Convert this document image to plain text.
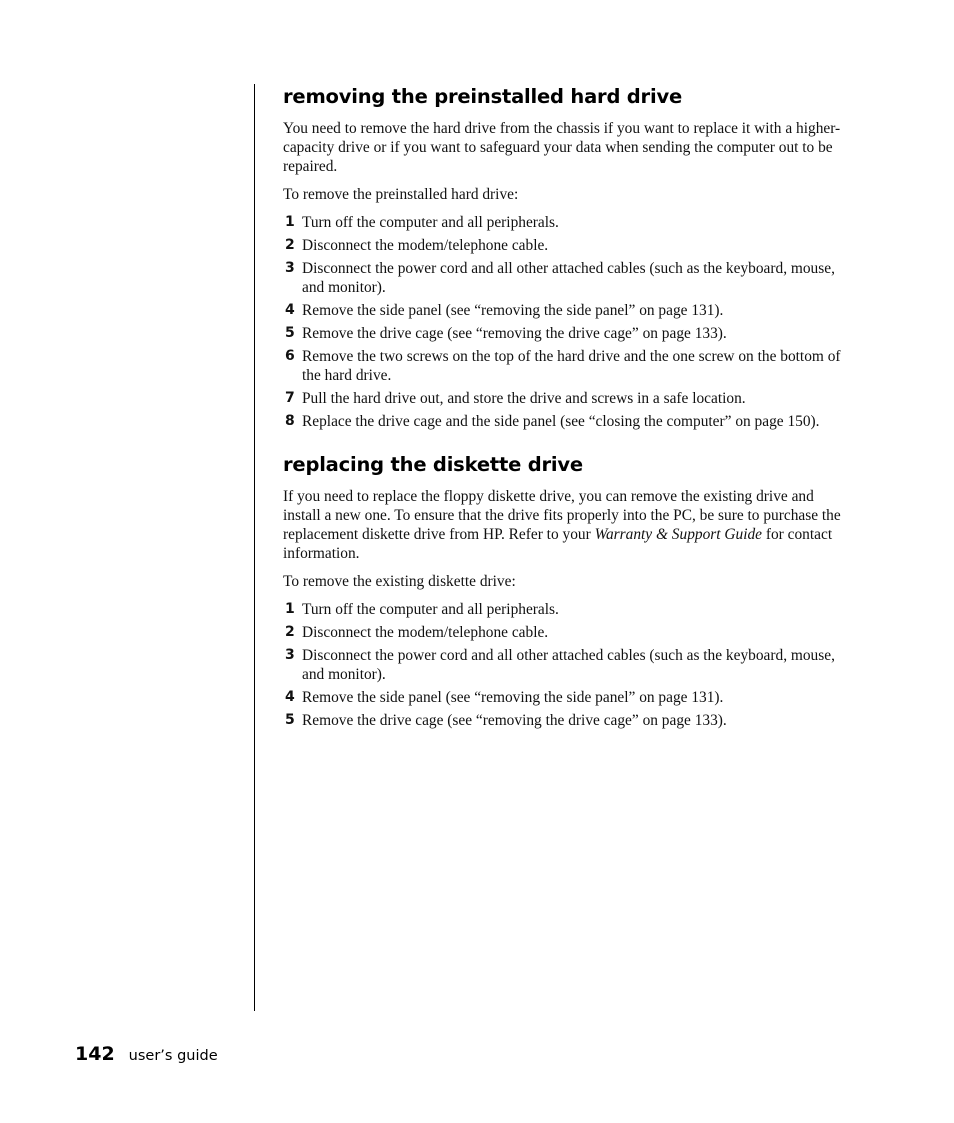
removing the preinstalled hard drive

You need to remove the hard drive from the chassis if you want to replace it with a higher-capacity drive or if you want to safeguard your data when sending the computer out to be repaired.

To remove the preinstalled hard drive:

1 Turn off the computer and all peripherals.
2 Disconnect the modem/telephone cable.
3 Disconnect the power cord and all other attached cables (such as the keyboard, mouse, and monitor).
4 Remove the side panel (see “removing the side panel” on page 131).
5 Remove the drive cage (see “removing the drive cage” on page 133).
6 Remove the two screws on the top of the hard drive and the one screw on the bottom of the hard drive.
7 Pull the hard drive out, and store the drive and screws in a safe location.
8 Replace the drive cage and the side panel (see “closing the computer” on page 150).
replacing the diskette drive

If you need to replace the floppy diskette drive, you can remove the existing drive and install a new one. To ensure that the drive fits properly into the PC, be sure to purchase the replacement diskette drive from HP. Refer to your Warranty & Support Guide for contact information.

To remove the existing diskette drive:

1 Turn off the computer and all peripherals.
2 Disconnect the modem/telephone cable.
3 Disconnect the power cord and all other attached cables (such as the keyboard, mouse, and monitor).
4 Remove the side panel (see “removing the side panel” on page 131).
5 Remove the drive cage (see “removing the drive cage” on page 133).
142 user’s guide
